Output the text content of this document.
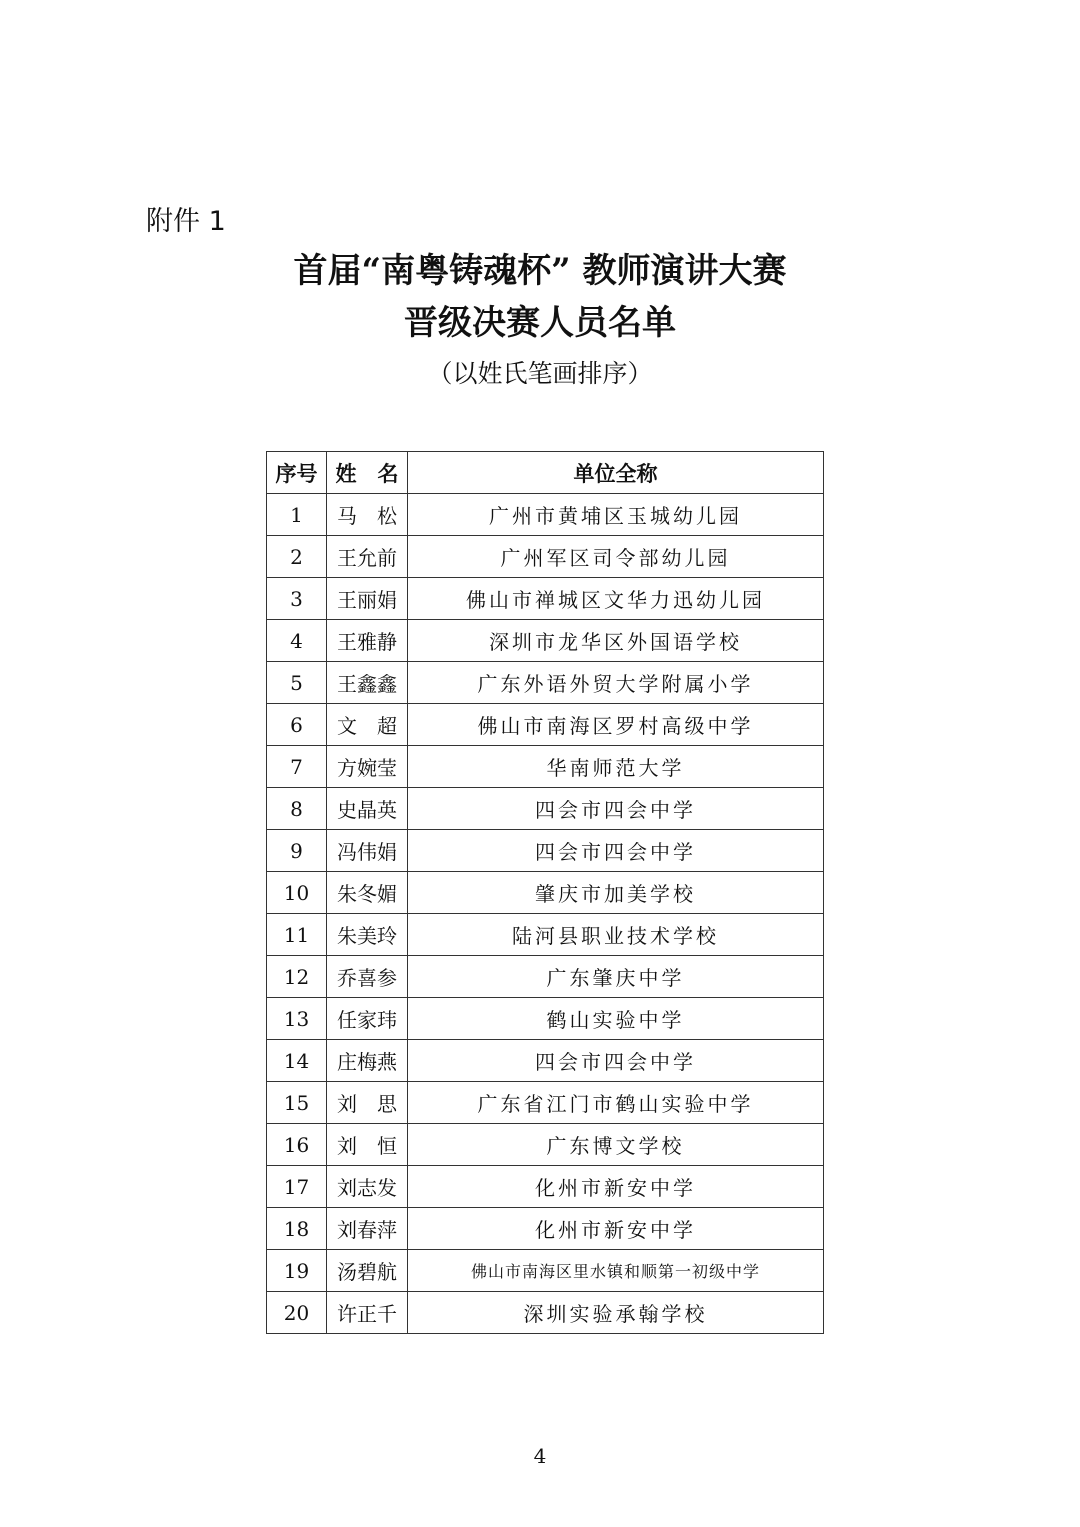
附件 1
首届“南粤铸魂杯” 教师演讲大赛
晋级决赛人员名单
（以姓氏笔画排序）
序号	姓　名	单位全称
1	马　松	广州市黄埔区玉城幼儿园
2	王允前	广州军区司令部幼儿园
3	王丽娟	佛山市禅城区文华力迅幼儿园
4	王雅静	深圳市龙华区外国语学校
5	王鑫鑫	广东外语外贸大学附属小学
6	文　超	佛山市南海区罗村高级中学
7	方婉莹	华南师范大学
8	史晶英	四会市四会中学
9	冯伟娟	四会市四会中学
10	朱冬媚	肇庆市加美学校
11	朱美玲	陆河县职业技术学校
12	乔喜参	广东肇庆中学
13	任家玮	鹤山实验中学
14	庄梅燕	四会市四会中学
15	刘　思	广东省江门市鹤山实验中学
16	刘　恒	广东博文学校
17	刘志发	化州市新安中学
18	刘春萍	化州市新安中学
19	汤碧航	佛山市南海区里水镇和顺第一初级中学
20	许正千	深圳实验承翰学校
4
